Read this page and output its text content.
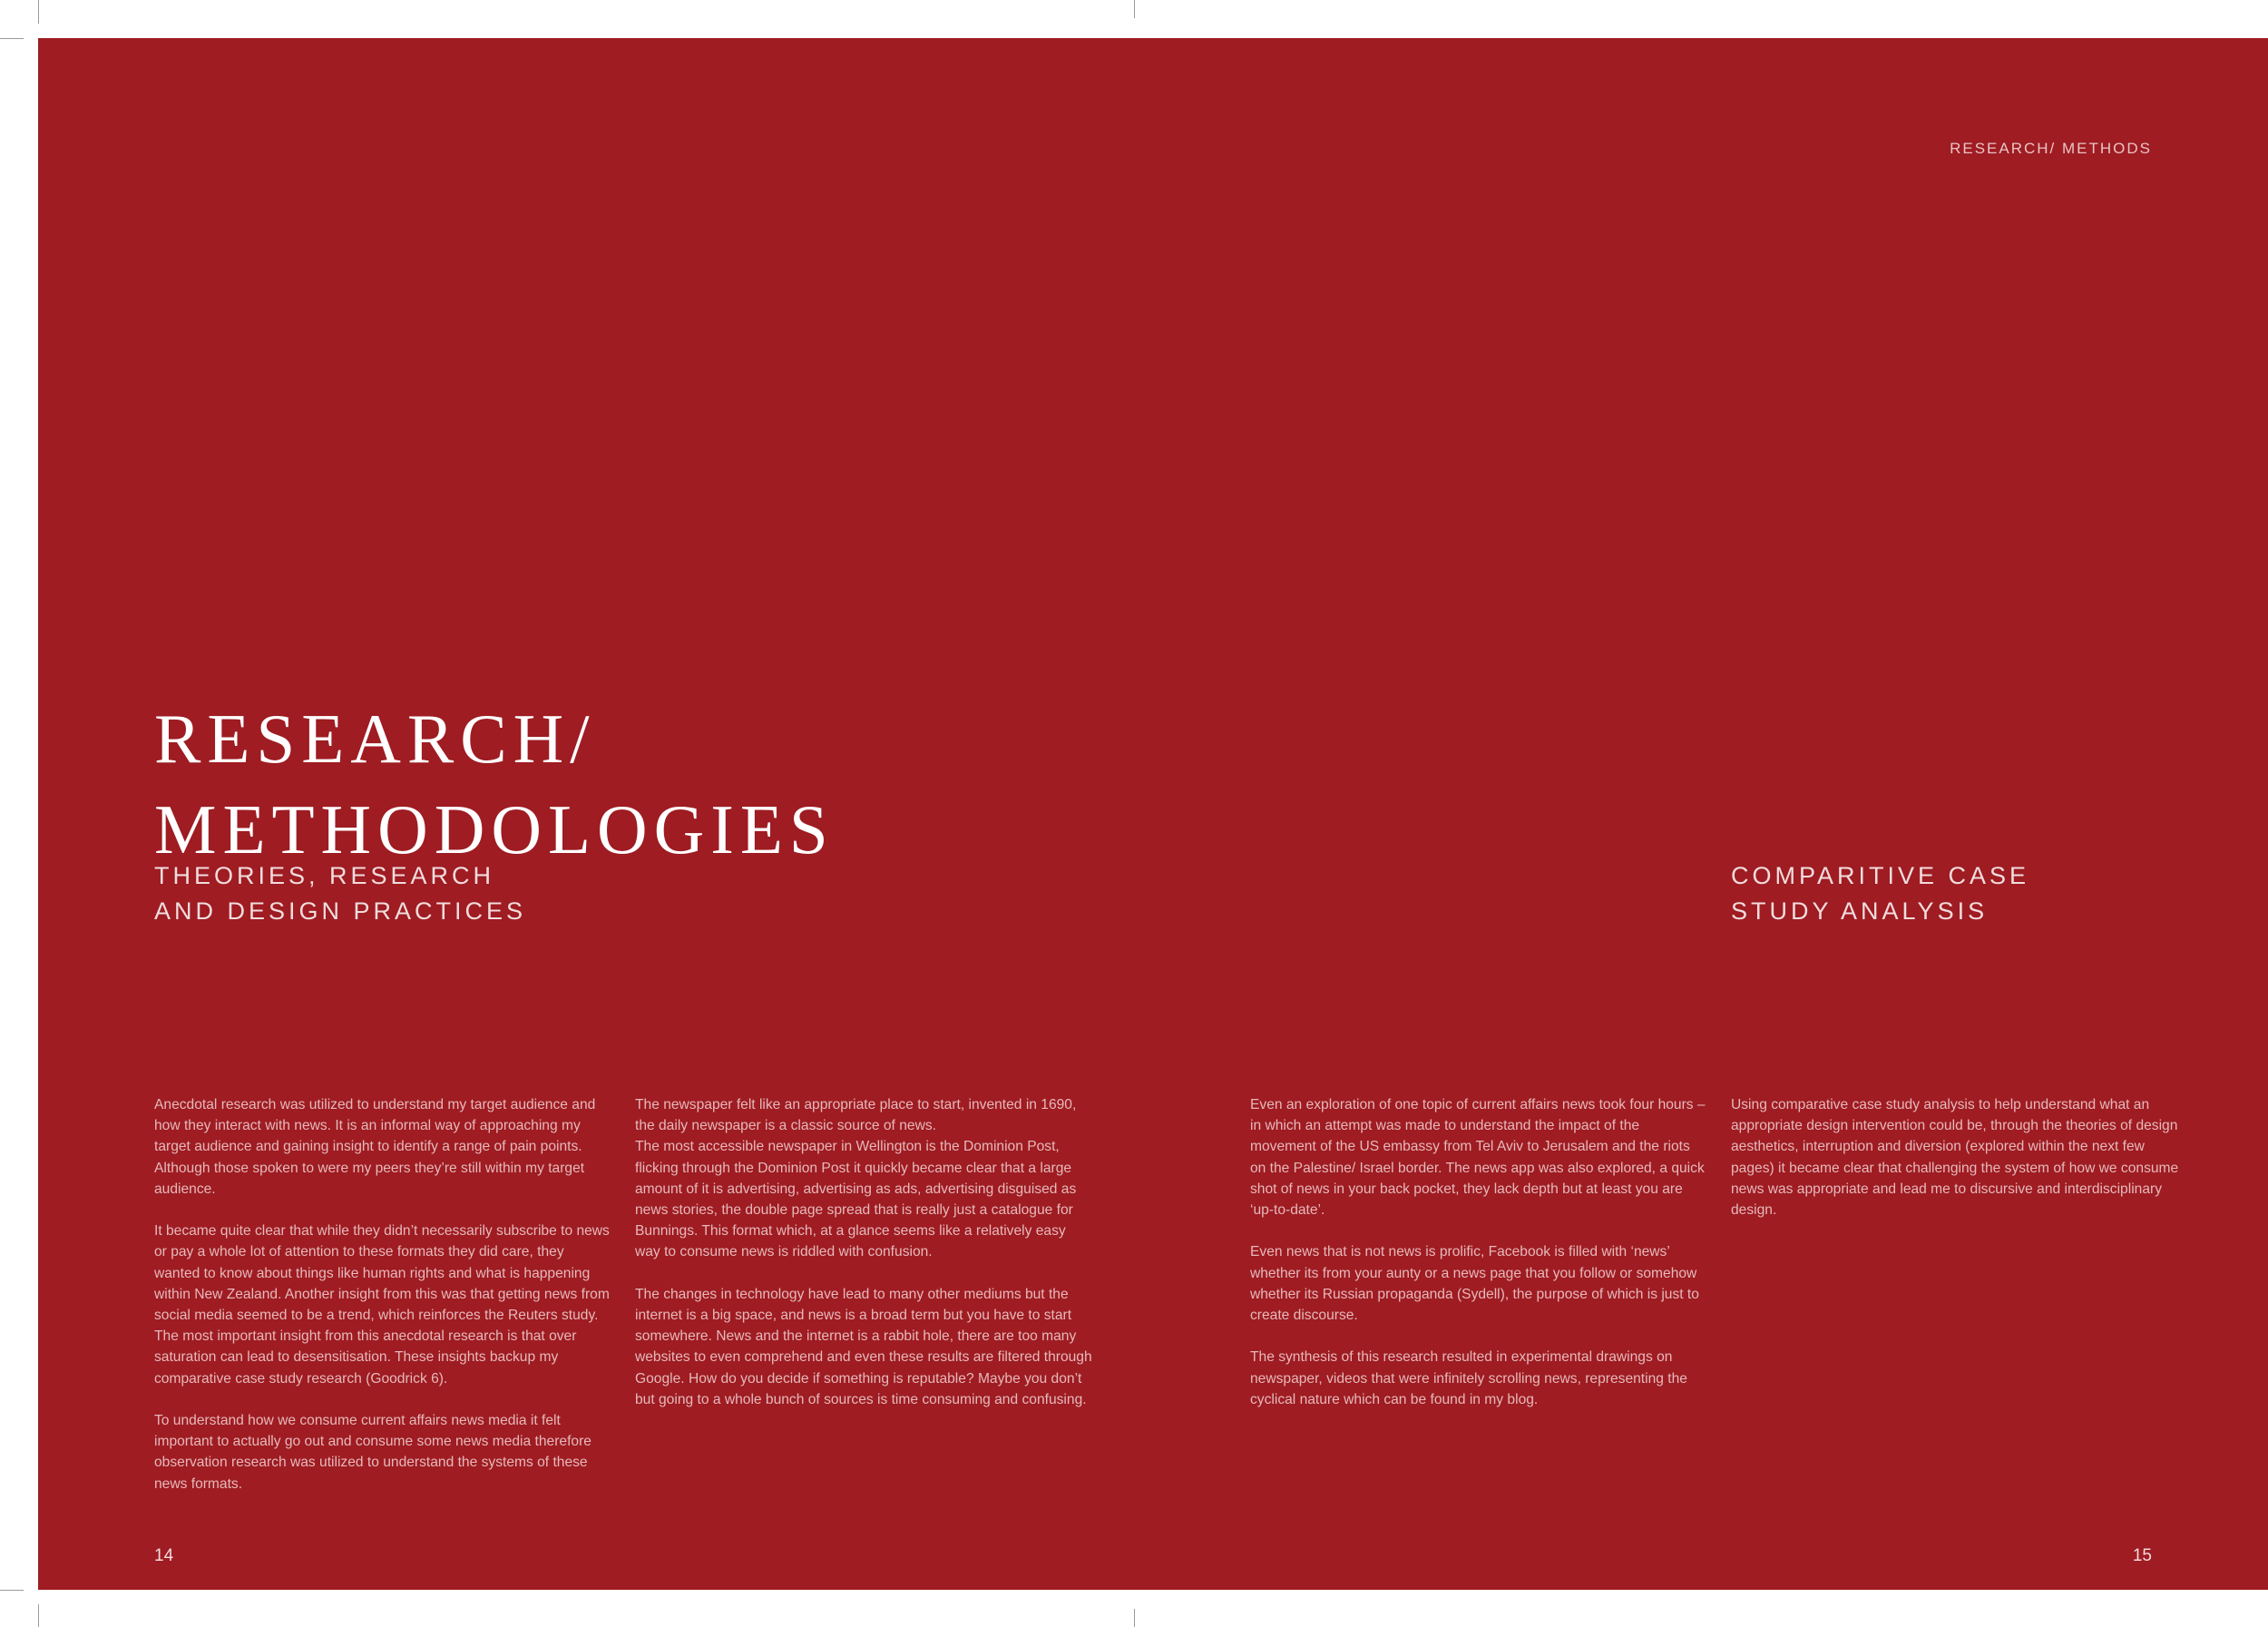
RESEARCH/ METHODS
RESEARCH/
METHODOLOGIES
THEORIES, RESEARCH
AND DESIGN PRACTICES
COMPARITIVE CASE
STUDY ANALYSIS

Anecdotal research was utilized to understand my target audience and how they interact with news. It is an informal way of approaching my target audience and gaining insight to identify a range of pain points. Although those spoken to were my peers they’re still within my target audience.

It became quite clear that while they didn’t necessarily subscribe to news or pay a whole lot of attention to these formats they did care, they wanted to know about things like human rights and what is happening within New Zealand. Another insight from this was that getting news from social media seemed to be a trend, which reinforces the Reuters study. The most important insight from this anecdotal research is that over saturation can lead to desensitisation. These insights backup my comparative case study research (Goodrick 6).

To understand how we consume current affairs news media it felt important to actually go out and consume some news media therefore observation research was utilized to understand the systems of these news formats.

The newspaper felt like an appropriate place to start, invented in 1690, the daily newspaper is a classic source of news.

The most accessible newspaper in Wellington is the Dominion Post, flicking through the Dominion Post it quickly became clear that a large amount of it is advertising, advertising as ads, advertising disguised as news stories, the double page spread that is really just a catalogue for Bunnings. This format which, at a glance seems like a relatively easy way to consume news is riddled with confusion.

The changes in technology have lead to many other mediums but the internet is a big space, and news is a broad term but you have to start somewhere. News and the internet is a rabbit hole, there are too many websites to even comprehend and even these results are filtered through Google. How do you decide if something is reputable? Maybe you don’t but going to a whole bunch of sources is time consuming and confusing.

Even an exploration of one topic of current affairs news took four hours – in which an attempt was made to understand the impact of the movement of the US embassy from Tel Aviv to Jerusalem and the riots on the Palestine/ Israel border. The news app was also explored, a quick shot of news in your back pocket, they lack depth but at least you are ‘up-to-date’.

Even news that is not news is prolific, Facebook is filled with ‘news’ whether its from your aunty or a news page that you follow or somehow whether its Russian propaganda (Sydell), the purpose of which is just to create discourse.

The synthesis of this research resulted in experimental drawings on newspaper, videos that were infinitely scrolling news, representing the cyclical nature which can be found in my blog.

Using comparative case study analysis to help understand what an appropriate design intervention could be, through the theories of design aesthetics, interruption and diversion (explored within the next few pages) it became clear that challenging the system of how we consume news was appropriate and lead me to discursive and interdisciplinary design.

14	15
